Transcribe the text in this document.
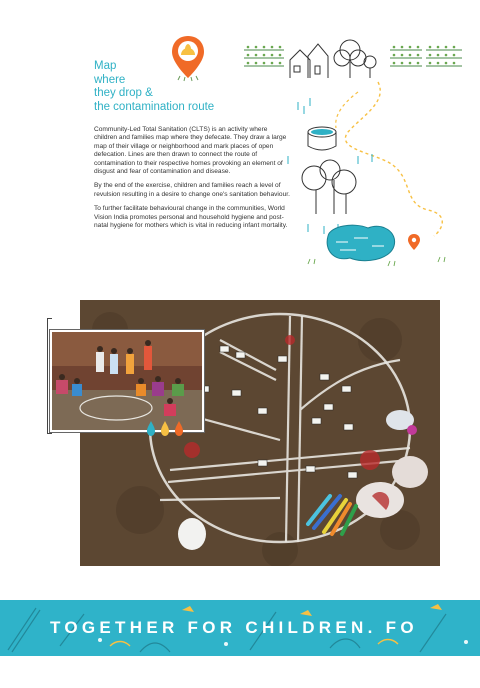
Map
where
they drop &
the contamination route

Community-Led Total Sanitation (CLTS) is an activity where children and families map where they defecate. They draw a large map of their village or neighborhood and mark places of open defecation. Lines are then drawn to connect the route of contamination to their respective homes provoking an element of disgust and fear of contamination and disease.

By the end of the exercise, children and families reach a level of revulsion resulting in a desire to change one's sanitation behaviour.

To further facilitate behavioural change in the communities, World Vision India promotes personal and household hygiene and post-natal hygiene for mothers which is vital in reducing infant mortality.

TOGETHER FOR CHILDREN. FO
